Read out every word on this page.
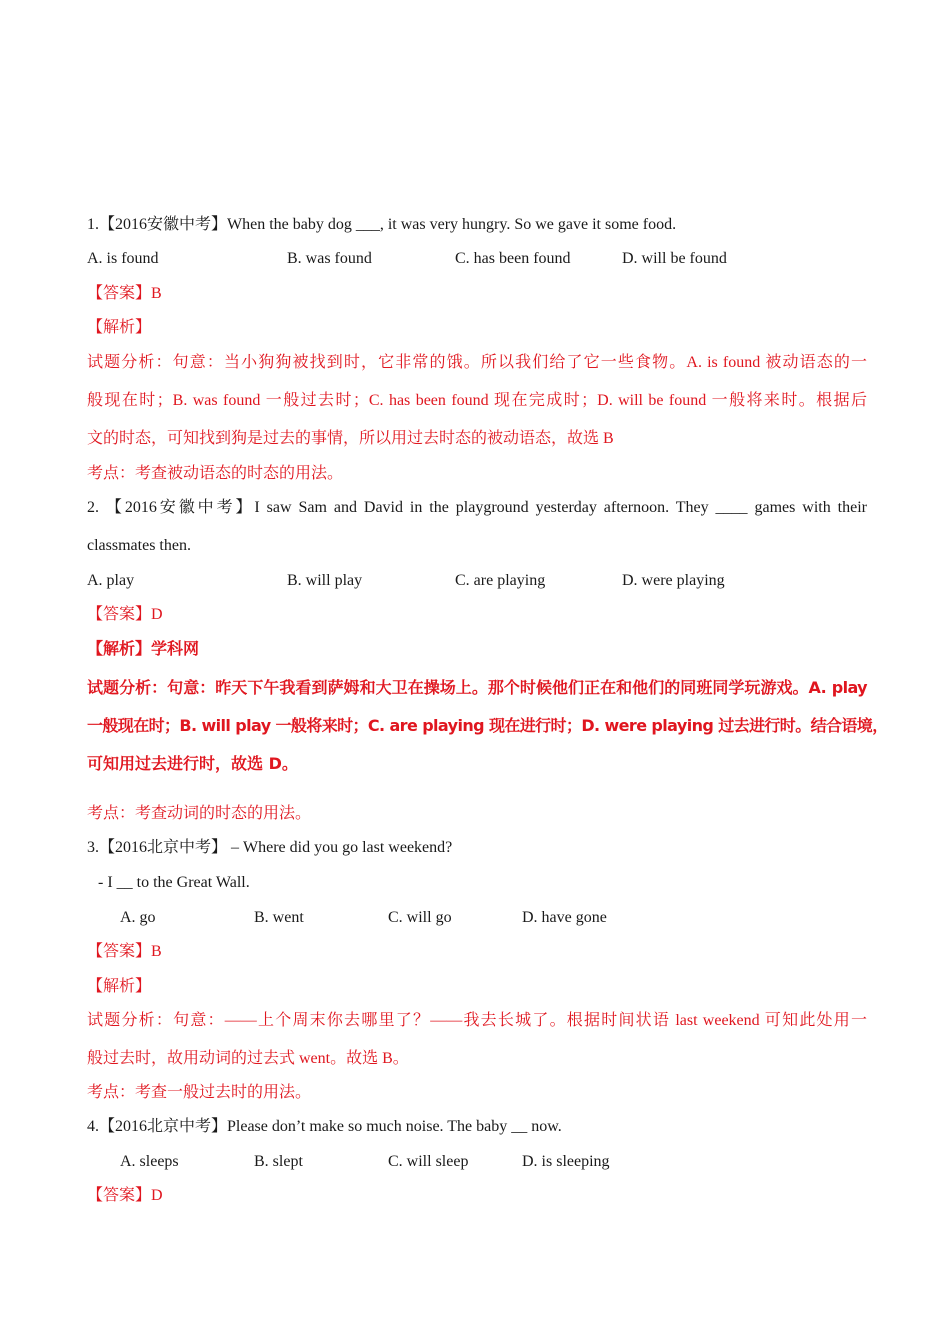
1.【2016安徽中考】When the baby dog ___, it was very hungry. So we gave it some food.
A. is found	B. was found	C. has been found	D. will be found
【答案】B
【解析】
试题分析：句意：当小狗狗被找到时，它非常的饿。所以我们给了它一些食物。A. is found 被动语态的一
般现在时；B. was found 一般过去时；C. has been found 现在完成时；D. will be found 一般将来时。根据后
文的时态，可知找到狗是过去的事情，所以用过去时态的被动语态，故选 B
考点：考查被动语态的时态的用法。
2. 【2016安徽中考】I saw Sam and David in the playground yesterday afternoon. They ____ games with their
classmates then.
A. play	B. will play	C. are playing	D. were playing
【答案】D
【解析】学科网
试题分析：句意：昨天下午我看到萨姆和大卫在操场上。那个时候他们正在和他们的同班同学玩游戏。A. play
一般现在时；B. will play 一般将来时；C. are playing 现在进行时；D. were playing 过去进行时。结合语境，
可知用过去进行时，故选 D。
考点：考查动词的时态的用法。
3.【2016北京中考】 – Where did you go last weekend?
- I __ to the Great Wall.
A. go	B. went	C. will go	D. have gone
【答案】B
【解析】
试题分析：句意：——上个周末你去哪里了？——我去长城了。根据时间状语 last weekend 可知此处用一
般过去时，故用动词的过去式 went。故选 B。
考点：考查一般过去时的用法。
4.【2016北京中考】Please don’t make so much noise. The baby __ now.
A. sleeps	B. slept	C. will sleep	D. is sleeping
【答案】D
